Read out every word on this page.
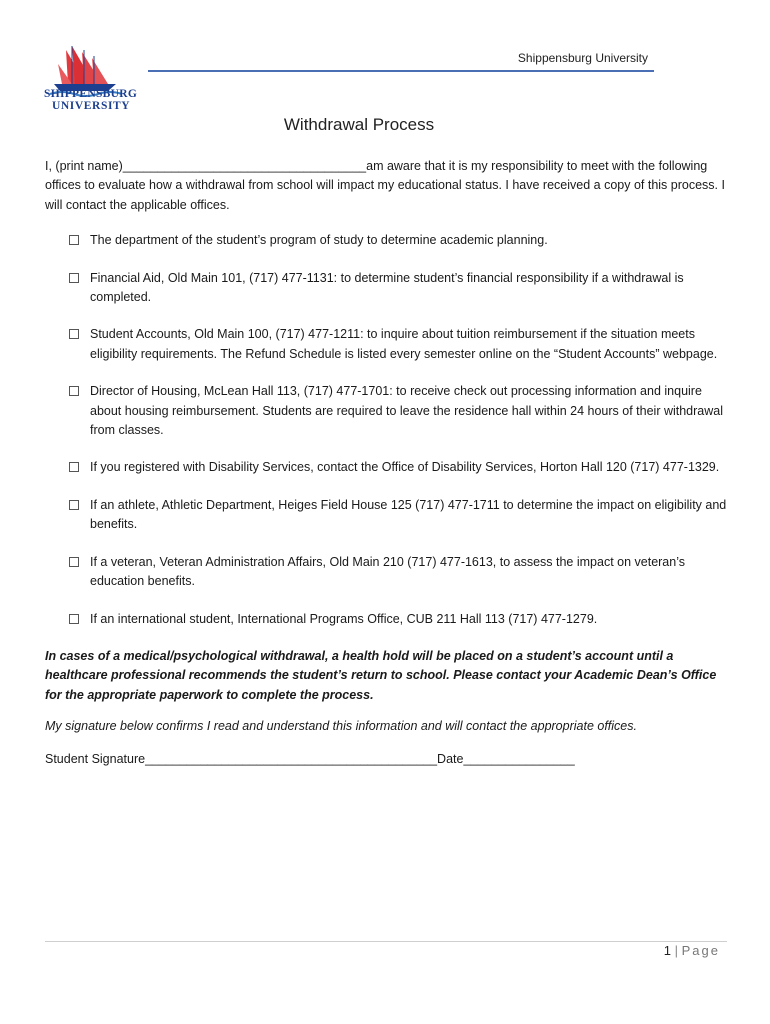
SHIPPENSBURG
UNIVERSITY
Shippensburg University
Withdrawal Process

I, (print name)___________________________________am aware that it is my responsibility to meet with the following offices to evaluate how a withdrawal from school will impact my educational status. I have received a copy of this process. I will contact the applicable offices.

The department of the student’s program of study to determine academic planning.
Financial Aid, Old Main 101, (717) 477-1131: to determine student’s financial responsibility if a withdrawal is completed.
Student Accounts, Old Main 100, (717) 477-1211: to inquire about tuition reimbursement if the situation meets eligibility requirements. The Refund Schedule is listed every semester online on the “Student Accounts” webpage.
Director of Housing, McLean Hall 113, (717) 477-1701: to receive check out processing information and inquire about housing reimbursement. Students are required to leave the residence hall within 24 hours of their withdrawal from classes.
If you registered with Disability Services, contact the Office of Disability Services, Horton Hall 120 (717) 477-1329.
If an athlete, Athletic Department, Heiges Field House 125 (717) 477-1711 to determine the impact on eligibility and benefits.
If a veteran, Veteran Administration Affairs, Old Main 210 (717) 477-1613, to assess the impact on veteran’s education benefits.
If an international student, International Programs Office, CUB 211 Hall 113 (717) 477-1279.

In cases of a medical/psychological withdrawal, a health hold will be placed on a student’s account until a healthcare professional recommends the student’s return to school. Please contact your Academic Dean’s Office for the appropriate paperwork to complete the process.

My signature below confirms I read and understand this information and will contact the appropriate offices.

Student Signature__________________________________________Date________________

1 | Page
